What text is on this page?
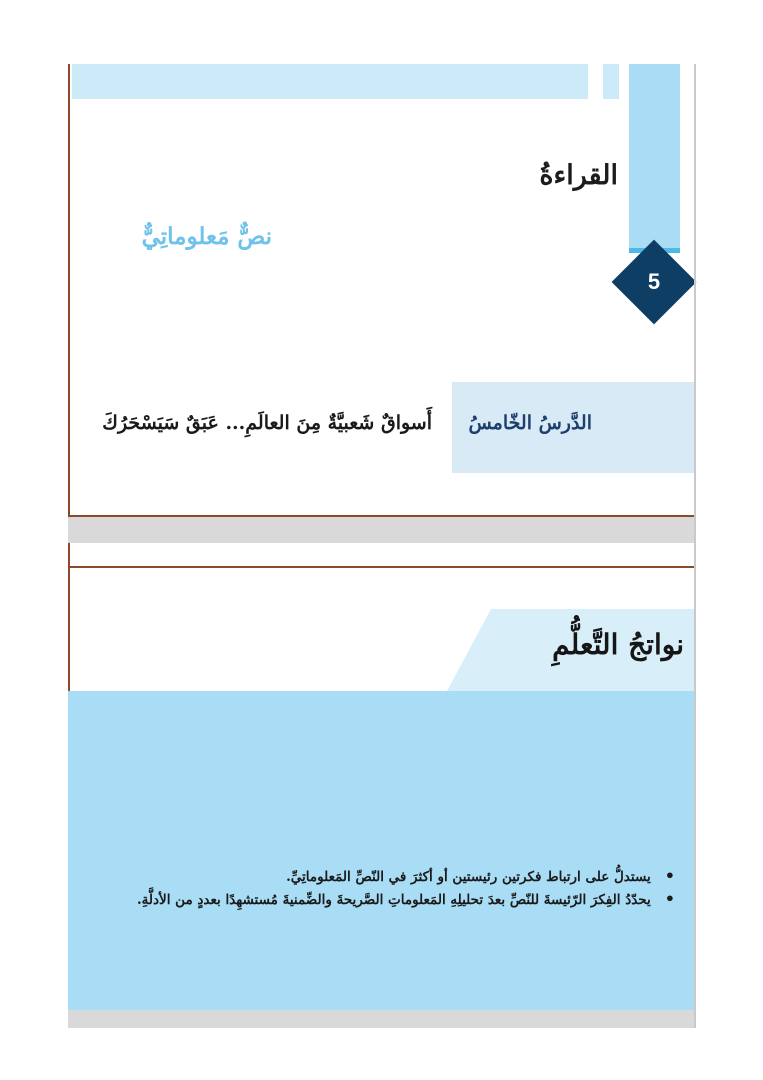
القراءةُ
نصٌّ مَعلوماتِيٌّ
5
الدَّرسُ الخّامسُ
أَسواقٌ شَعبيَّةٌ مِنَ العالَمِ... عَبَقٌ سَيَسْحَرُكَ
نواتجُ التَّعلُّمِ
• يستدلُّ على ارتباط فكرتين رئيستين أو أكثرَ في النّصِّ المَعلوماتِيِّ.
• يحدّدُ الفِكرَ الرّئيسةَ للنّصِّ بعدَ تحليلِهِ المَعلوماتِ الصَّريحةَ والضِّمنيةَ مُستشهِدًا بعددٍ من الأدلَّةِ.
